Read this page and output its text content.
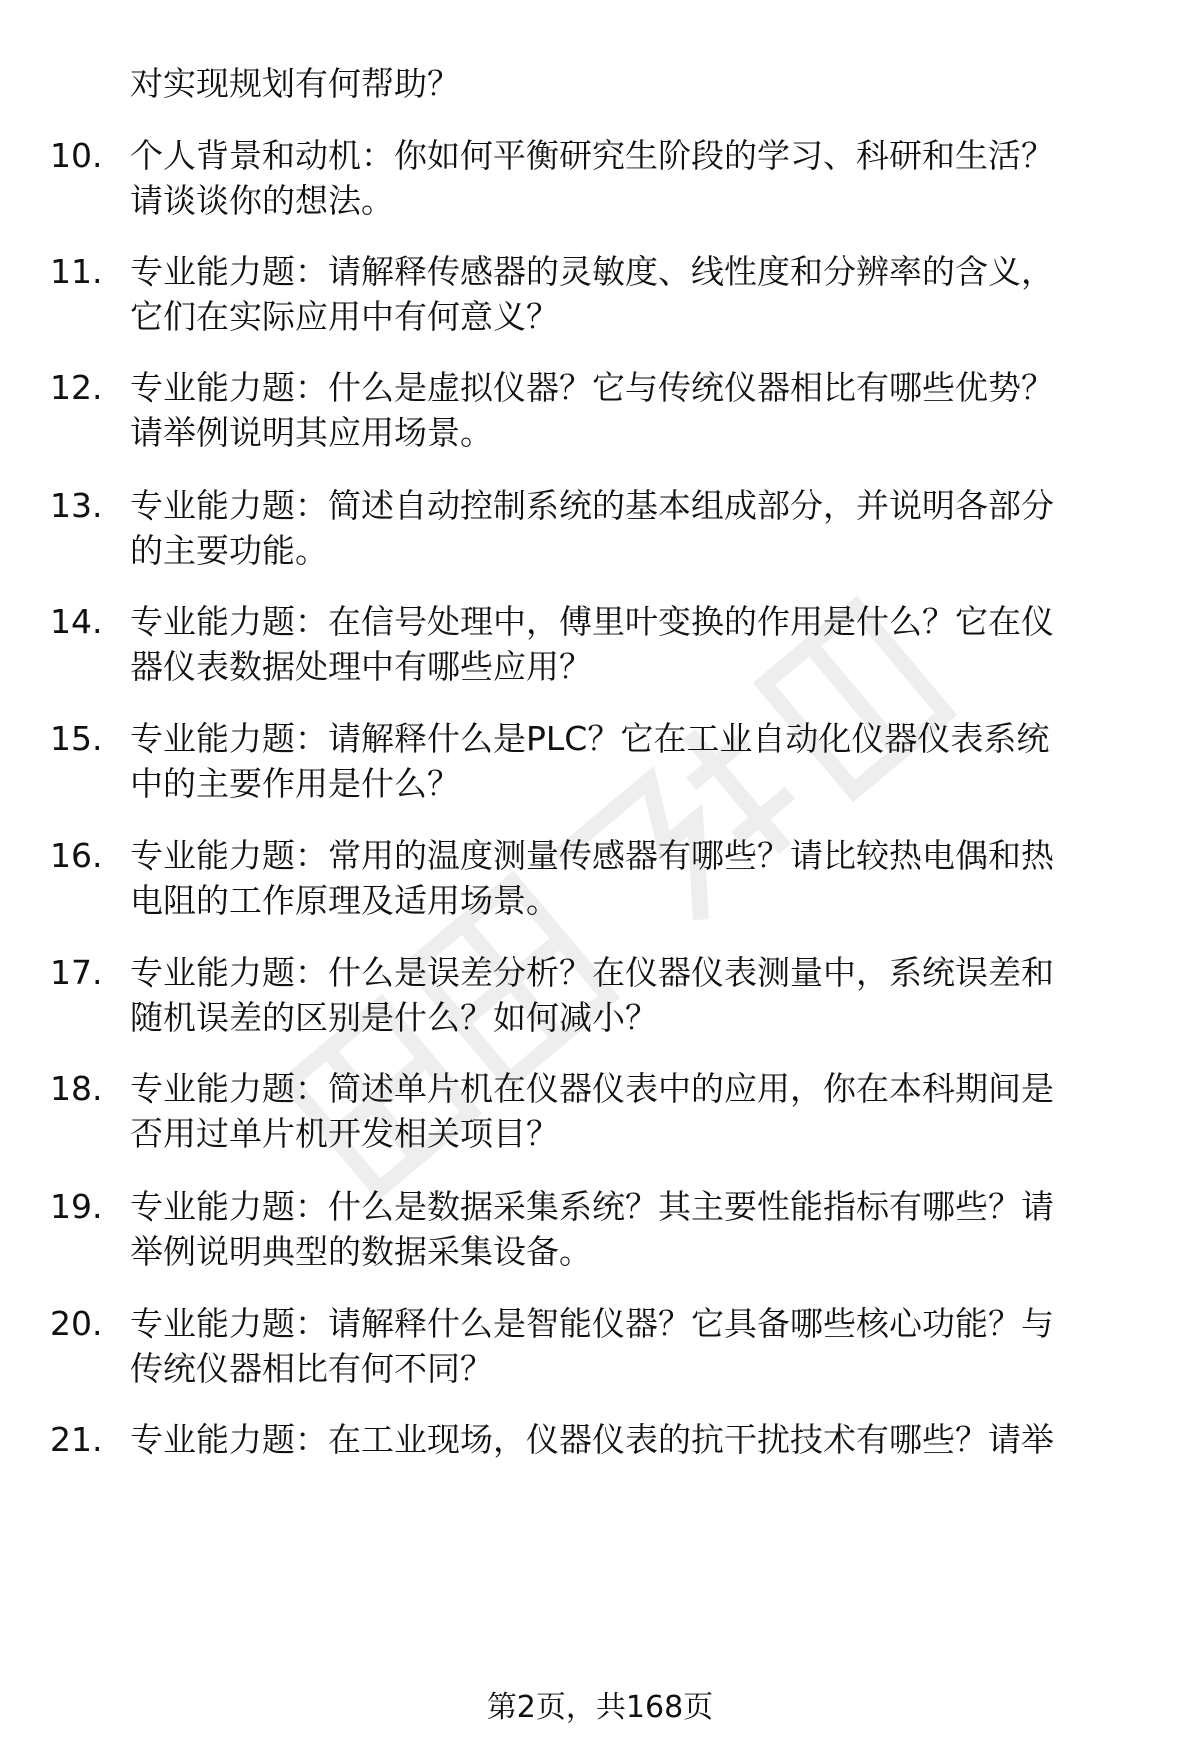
对实现规划有何帮助？
10. 个人背景和动机：你如何平衡研究生阶段的学习、科研和生活？
请谈谈你的想法。
11. 专业能力题：请解释传感器的灵敏度、线性度和分辨率的含义，
它们在实际应用中有何意义？
12. 专业能力题：什么是虚拟仪器？它与传统仪器相比有哪些优势？
请举例说明其应用场景。
13. 专业能力题：简述自动控制系统的基本组成部分，并说明各部分
的主要功能。
14. 专业能力题：在信号处理中，傅里叶变换的作用是什么？它在仪
器仪表数据处理中有哪些应用？
15. 专业能力题：请解释什么是PLC？它在工业自动化仪器仪表系统
中的主要作用是什么？
16. 专业能力题：常用的温度测量传感器有哪些？请比较热电偶和热
电阻的工作原理及适用场景。
17. 专业能力题：什么是误差分析？在仪器仪表测量中，系统误差和
随机误差的区别是什么？如何减小？
18. 专业能力题：简述单片机在仪器仪表中的应用，你在本科期间是
否用过单片机开发相关项目？
19. 专业能力题：什么是数据采集系统？其主要性能指标有哪些？请
举例说明典型的数据采集设备。
20. 专业能力题：请解释什么是智能仪器？它具备哪些核心功能？与
传统仪器相比有何不同？
21. 专业能力题：在工业现场，仪器仪表的抗干扰技术有哪些？请举
第2页，共168页
